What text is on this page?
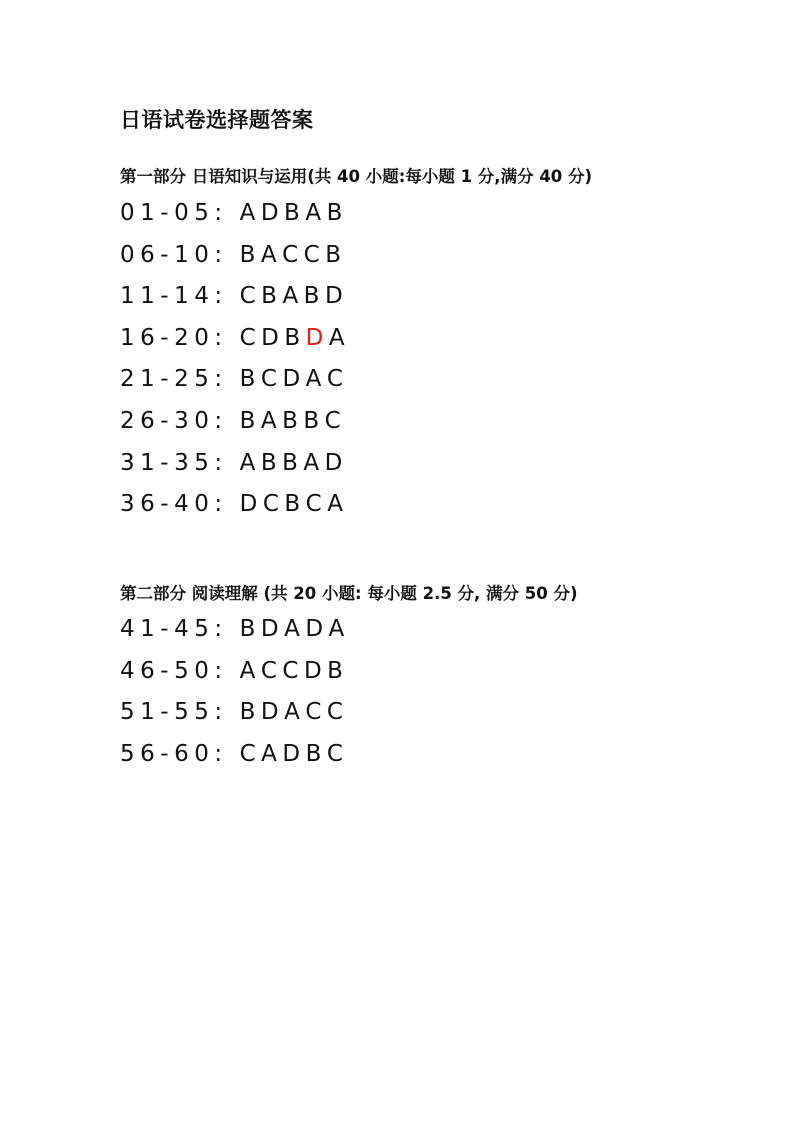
日语试卷选择题答案
第一部分 日语知识与运用(共 40 小题:每小题 1 分,满分 40 分)
01-05: ADBAB
06-10: BACCB
11-14: CBABD
16-20: CDBDA
21-25: BCDAC
26-30: BABBC
31-35: ABBAD
36-40: DCBCA
第二部分 阅读理解 (共 20 小题: 每小题 2.5 分, 满分 50 分)
41-45: BDADA
46-50: ACCDB
51-55: BDACC
56-60: CADBC
